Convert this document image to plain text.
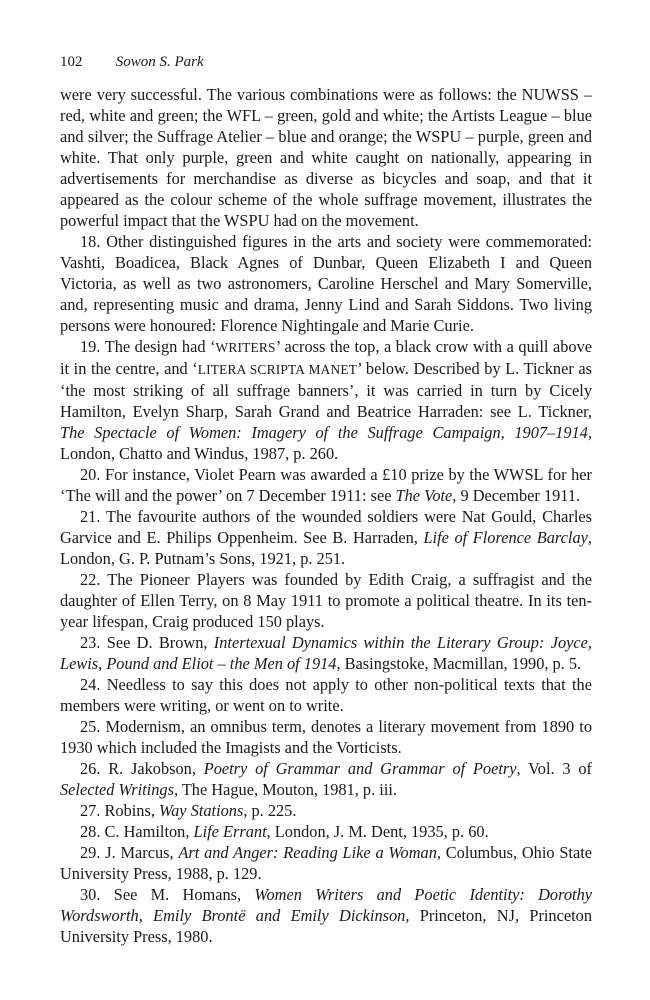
102 Sowon S. Park

were very successful. The various combinations were as follows: the NUWSS – red, white and green; the WFL – green, gold and white; the Artists League – blue and silver; the Suffrage Atelier – blue and orange; the WSPU – purple, green and white. That only purple, green and white caught on nationally, appearing in advertisements for merchandise as diverse as bicycles and soap, and that it appeared as the colour scheme of the whole suffrage movement, illustrates the powerful impact that the WSPU had on the movement.

18. Other distinguished figures in the arts and society were commemorated: Vashti, Boadicea, Black Agnes of Dunbar, Queen Elizabeth I and Queen Victoria, as well as two astronomers, Caroline Herschel and Mary Somerville, and, representing music and drama, Jenny Lind and Sarah Siddons. Two living persons were honoured: Florence Nightingale and Marie Curie.

19. The design had ‘WRITERS’ across the top, a black crow with a quill above it in the centre, and ‘LITERA SCRIPTA MANET’ below. Described by L. Tickner as ‘the most striking of all suffrage banners’, it was carried in turn by Cicely Hamilton, Evelyn Sharp, Sarah Grand and Beatrice Harraden: see L. Tickner, The Spectacle of Women: Imagery of the Suffrage Campaign, 1907–1914, London, Chatto and Windus, 1987, p. 260.

20. For instance, Violet Pearn was awarded a £10 prize by the WWSL for her ‘The will and the power’ on 7 December 1911: see The Vote, 9 December 1911.

21. The favourite authors of the wounded soldiers were Nat Gould, Charles Garvice and E. Philips Oppenheim. See B. Harraden, Life of Florence Barclay, London, G. P. Putnam’s Sons, 1921, p. 251.

22. The Pioneer Players was founded by Edith Craig, a suffragist and the daughter of Ellen Terry, on 8 May 1911 to promote a political theatre. In its ten-year lifespan, Craig produced 150 plays.

23. See D. Brown, Intertexual Dynamics within the Literary Group: Joyce, Lewis, Pound and Eliot – the Men of 1914, Basingstoke, Macmillan, 1990, p. 5.

24. Needless to say this does not apply to other non-political texts that the members were writing, or went on to write.

25. Modernism, an omnibus term, denotes a literary movement from 1890 to 1930 which included the Imagists and the Vorticists.

26. R. Jakobson, Poetry of Grammar and Grammar of Poetry, Vol. 3 of Selected Writings, The Hague, Mouton, 1981, p. iii.

27. Robins, Way Stations, p. 225.

28. C. Hamilton, Life Errant, London, J. M. Dent, 1935, p. 60.

29. J. Marcus, Art and Anger: Reading Like a Woman, Columbus, Ohio State University Press, 1988, p. 129.

30. See M. Homans, Women Writers and Poetic Identity: Dorothy Wordsworth, Emily Brontë and Emily Dickinson, Princeton, NJ, Princeton University Press, 1980.
